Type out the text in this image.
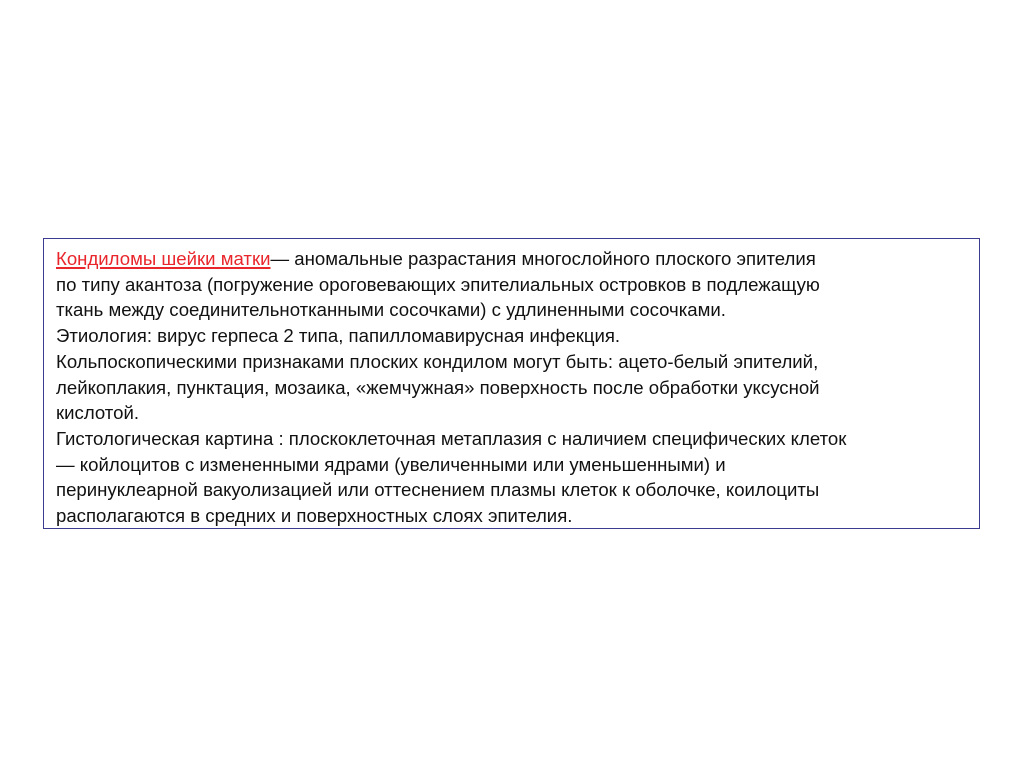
Кондиломы шейки матки— аномальные разрастания многослойного плоского эпителия

по типу акантоза (погружение ороговевающих эпителиальных островков в подлежащую

ткань между соединительнотканными сосочками) с удлиненными сосочками.

Этиология: вирус герпеса 2 типа, папилломавирусная инфекция.

Кольпоскопическими признаками плоских кондилом могут быть: ацето-белый эпителий,

лейкоплакия, пунктация, мозаика, «жемчужная» поверхность после обработки уксусной

кислотой.

Гистологическая картина : плоскоклеточная метаплазия с наличием специфических клеток

— койлоцитов с измененными ядрами (увеличенными или уменьшенными) и

перинуклеарной вакуолизацией или оттеснением плазмы клеток к оболочке, коилоциты

располагаются в средних и поверхностных слоях эпителия.
